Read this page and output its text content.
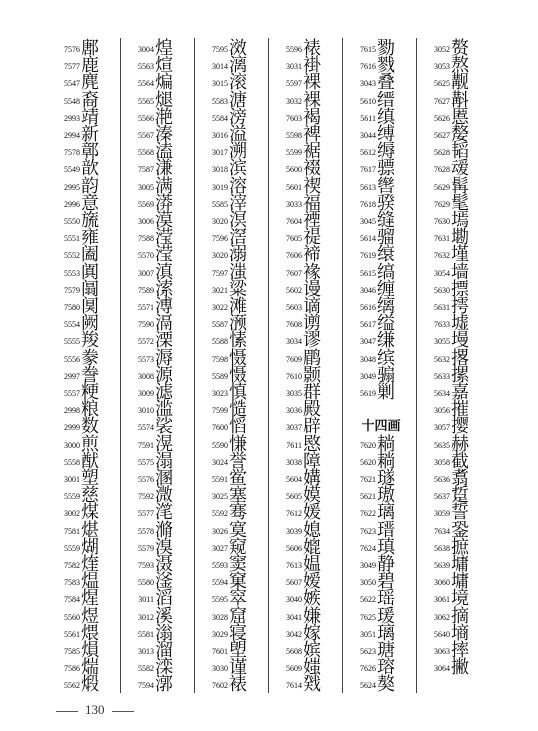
7576 鄌
7577 鹿
5547 麂
5548 裔
2993 靖
2994 新
7578 鄣
5549 歆
2995 韵
2996 意
5550 旒
5551 雍
5552 阖
5553 阗
7579 阘
7580 阒
5554 阙
5555 羧
5556 豢
2997 誊
5557 粳
2998 粮
2999 数
3000 煎
5558 猷
3001 塑
5559 慈
3002 煤
7581 煁
5559 煳
7582 煃
7583 煴
7584 煋
5560 煜
5561 煨
7585 熉
7586 煓
5562 煅
3004 煌
5563 煊
5564 煸
5565 煺
5566 滟
5567 溱
5568 溘
7587 溓
3005 满
5569 漭
3006 漠
7588 滢
5570 滢
3007 滇
7589 溹
5571 溥
7590 滆
5572 溧
5573 溽
3008 源
3009 滤
3010 滥
5574 裟
7591 滉
5575 溻
5576 溷
7592 溦
5577 滗
5578 滫
5579 溴
7593 滠
5580 滏
3011 滔
3012 溪
5581 滃
3013 溜
5582 滦
7594 漷
7595 滧
3014 漓
3015 滚
5583 溏
5584 滂
3016 溢
3017 溯
3018 滨
3019 溶
5585 滓
3020 溟
7596 滘
3020 溺
7597 滍
3021 粱
3022 滩
5587 滪
5588 愫
7598 慑
5589 慑
3023 慎
7599 慥
7600 慆
5590 慊
3024 誉
5591 鲎
3025 塞
5592 骞
3026 寞
3027 窥
5593 窦
5594 窠
5595 窣
3028 窟
3029 寝
7601 塱
3030 谨
7602 裱
5596 裱
3031 褂
5597 裸
3032 裸
7603 褐
5598 裨
5599 裾
5600 裰
5601 禊
3033 福
7604 禋
7605 禔
7606 褅
7607 褖
5602 谩
5603 谪
7608 谫
3034 谬
7609 鹛
7610 颢
3035 群
3036 殿
3037 辟
7611 愍
3038 障
5604 媾
5605 嫫
7612 媛
3039 媳
5606 媲
7613 媪
5607 嫒
3040 嫉
3041 嫌
3042 嫁
5608 嫔
5609 媸
7614 戣
7615 勠
7616 戮
3043 叠
5610 缙
5611 缜
3044 缚
5612 缛
7617 骠
5613 辔
7618 骙
3045 缝
5614 骝
7619 缞
5615 缟
3046 缠
5616 缡
5617 缢
3047 缣
3048 缤
3049 骟
5619 剿
十四画
7620 耥
5620 耥
7621 璲
5621 璈
7622 璃
7623 瑨
7624 瑱
3049 静
3050 碧
5622 瑶
7625 瑗
3051 璃
5623 瑭
7626 瑢
5624 獒
3052 赘
3053 熬
5625 觏
7627 斠
5626 慝
5627 嫠
5628 韬
7628 叆
5629 髯
7629 髦
7630 墕
7631 墈
7632 墐
3054 墙
5630 摽
5631 摴
7633 墟
3055 墁
5632 撂
5633 摞
5634 嘉
3056 摧
3057 撄
5635 赫
3058 截
5636 翥
5637 踅
3059 誓
7634 銎
5638 摭
5639 墉
3060 墉
3061 境
3062 摘
5640 墒
3063 摔
3064 撇
130
